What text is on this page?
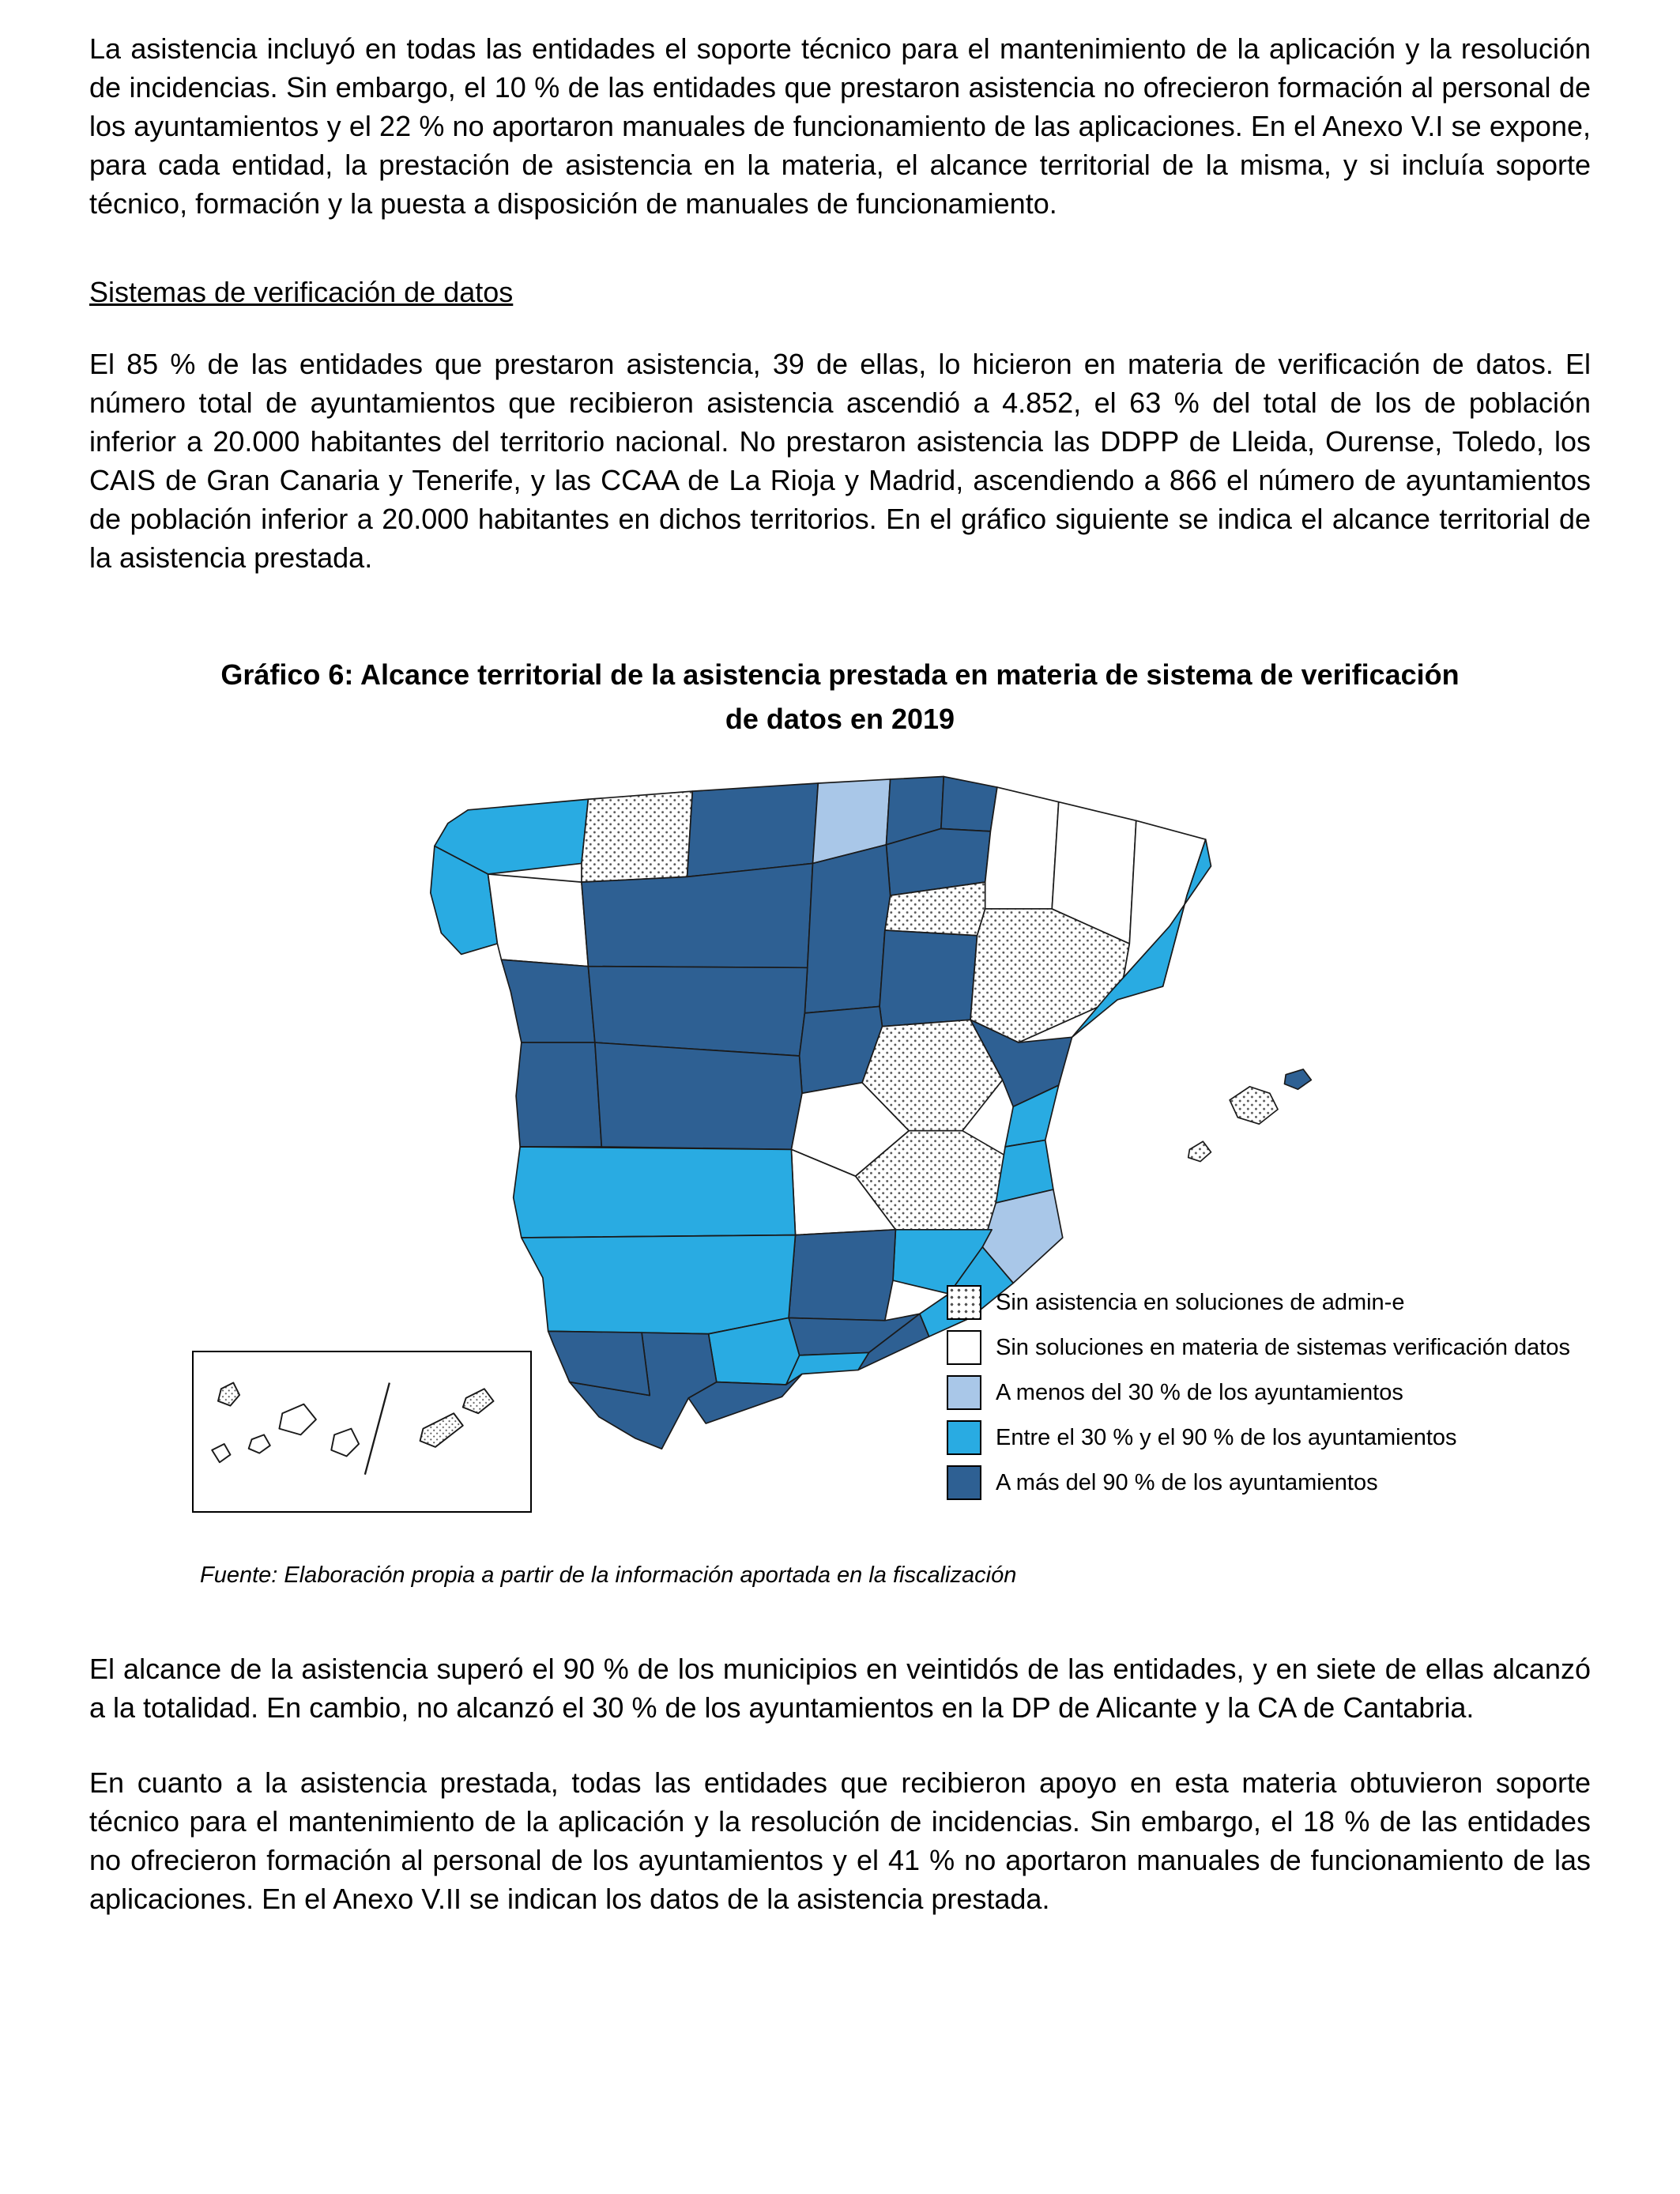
La asistencia incluyó en todas las entidades el soporte técnico para el mantenimiento de la aplicación y la resolución de incidencias. Sin embargo, el 10 % de las entidades que prestaron asistencia no ofrecieron formación al personal de los ayuntamientos y el 22 % no aportaron manuales de funcionamiento de las aplicaciones. En el Anexo V.I se expone, para cada entidad, la prestación de asistencia en la materia, el alcance territorial de la misma, y si incluía soporte técnico, formación y la puesta a disposición de manuales de funcionamiento.

Sistemas de verificación de datos

El 85 % de las entidades que prestaron asistencia, 39 de ellas, lo hicieron en materia de verificación de datos. El número total de ayuntamientos que recibieron asistencia ascendió a 4.852, el 63 % del total de los de población inferior a 20.000 habitantes del territorio nacional. No prestaron asistencia las DDPP de Lleida, Ourense, Toledo, los CAIS de Gran Canaria y Tenerife, y las CCAA de La Rioja y Madrid, ascendiendo a 866 el número de ayuntamientos de población inferior a 20.000 habitantes en dichos territorios. En el gráfico siguiente se indica el alcance territorial de la asistencia prestada.

Gráfico 6: Alcance territorial de la asistencia prestada en materia de sistema de verificación
de datos en 2019
Sin asistencia en soluciones de admin-e
Sin soluciones en materia de sistemas verificación datos
A menos del 30 % de los ayuntamientos
Entre el 30 % y el 90 % de los ayuntamientos
A más del 90 % de los ayuntamientos
Fuente: Elaboración propia a partir de la información aportada en la fiscalización

El alcance de la asistencia superó el 90 % de los municipios en veintidós de las entidades, y en siete de ellas alcanzó a la totalidad. En cambio, no alcanzó el 30 % de los ayuntamientos en la DP de Alicante y la CA de Cantabria.

En cuanto a la asistencia prestada, todas las entidades que recibieron apoyo en esta materia obtuvieron soporte técnico para el mantenimiento de la aplicación y la resolución de incidencias. Sin embargo, el 18 % de las entidades no ofrecieron formación al personal de los ayuntamientos y el 41 % no aportaron manuales de funcionamiento de las aplicaciones. En el Anexo V.II se indican los datos de la asistencia prestada.
